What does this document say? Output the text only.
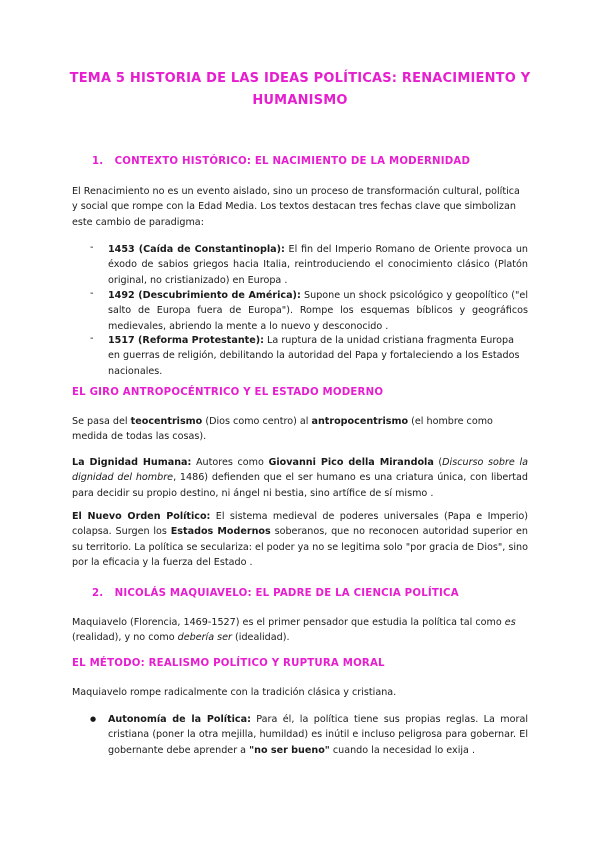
TEMA 5 HISTORIA DE LAS IDEAS POLÍTICAS: RENACIMIENTO Y HUMANISMO
1. CONTEXTO HISTÓRICO: EL NACIMIENTO DE LA MODERNIDAD

El Renacimiento no es un evento aislado, sino un proceso de transformación cultural, política y social que rompe con la Edad Media. Los textos destacan tres fechas clave que simbolizan este cambio de paradigma:

- 1453 (Caída de Constantinopla): El fin del Imperio Romano de Oriente provoca un éxodo de sabios griegos hacia Italia, reintroduciendo el conocimiento clásico (Platón original, no cristianizado) en Europa .
- 1492 (Descubrimiento de América): Supone un shock psicológico y geopolítico ("el salto de Europa fuera de Europa"). Rompe los esquemas bíblicos y geográficos medievales, abriendo la mente a lo nuevo y desconocido .
- 1517 (Reforma Protestante): La ruptura de la unidad cristiana fragmenta Europa en guerras de religión, debilitando la autoridad del Papa y fortaleciendo a los Estados nacionales.
EL GIRO ANTROPOCÉNTRICO Y EL ESTADO MODERNO

Se pasa del teocentrismo (Dios como centro) al antropocentrismo (el hombre como medida de todas las cosas).

La Dignidad Humana: Autores como Giovanni Pico della Mirandola (Discurso sobre la dignidad del hombre, 1486) defienden que el ser humano es una criatura única, con libertad para decidir su propio destino, ni ángel ni bestia, sino artífice de sí mismo .

El Nuevo Orden Político: El sistema medieval de poderes universales (Papa e Imperio) colapsa. Surgen los Estados Modernos soberanos, que no reconocen autoridad superior en su territorio. La política se seculariza: el poder ya no se legitima solo "por gracia de Dios", sino por la eficacia y la fuerza del Estado .

2. NICOLÁS MAQUIAVELO: EL PADRE DE LA CIENCIA POLÍTICA

Maquiavelo (Florencia, 1469-1527) es el primer pensador que estudia la política tal como es (realidad), y no como debería ser (idealidad).

EL MÉTODO: REALISMO POLÍTICO Y RUPTURA MORAL

Maquiavelo rompe radicalmente con la tradición clásica y cristiana.

● Autonomía de la Política: Para él, la política tiene sus propias reglas. La moral cristiana (poner la otra mejilla, humildad) es inútil e incluso peligrosa para gobernar. El gobernante debe aprender a "no ser bueno" cuando la necesidad lo exija .
